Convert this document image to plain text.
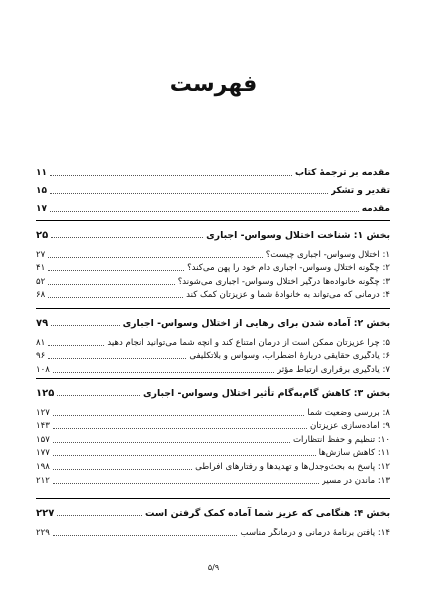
فهرست
مقدمه بر ترجمهٔ کتاب
۱۱
تقدیر و تشکر
۱۵
مقدمه
۱۷
بخش ۱: شناخت اختلال وسواس- اجباری
۲۵
۱: اختلال وسواس- اجباری چیست؟
۲۷
۲: چگونه اختلال وسواس- اجباری دام خود را پهن می‌کند؟
۴۱
۳: چگونه خانواده‌ها درگیر اختلال وسواس- اجباری می‌شوند؟
۵۲
۴: درمانی که می‌تواند به خانوادهٔ شما و عزیزتان کمک کند
۶۸
بخش ۲: آماده شدن برای رهایی از اختلال وسواس- اجباری
۷۹
۵: چرا عزیزتان ممکن است از درمان امتناع کند و آنچه شما می‌توانید انجام دهید
۸۱
۶: یادگیری حقایقی دربارهٔ اضطراب، وسواس و بلاتکلیفی
۹۶
۷: یادگیری برقراری ارتباط مؤثر
۱۰۸
بخش ۳: کاهش گام‌به‌گام تأثیر اختلال وسواس- اجباری
۱۲۵
۸: بررسی وضعیت شما
۱۲۷
۹: آماده‌سازی عزیزتان
۱۴۳
۱۰: تنظیم و حفظ انتظارات
۱۵۷
۱۱: کاهش سازش‌ها
۱۷۷
۱۲: پاسخ به بحث‌وجدل‌ها و تهدیدها و رفتارهای افراطی
۱۹۸
۱۳: ماندن در مسیر
۲۱۲
بخش ۴: هنگامی که عزیز شما آماده کمک گرفتن است
۲۲۷
۱۴: یافتن برنامهٔ درمانی و درمانگر مناسب
۲۲۹
۵/۹
